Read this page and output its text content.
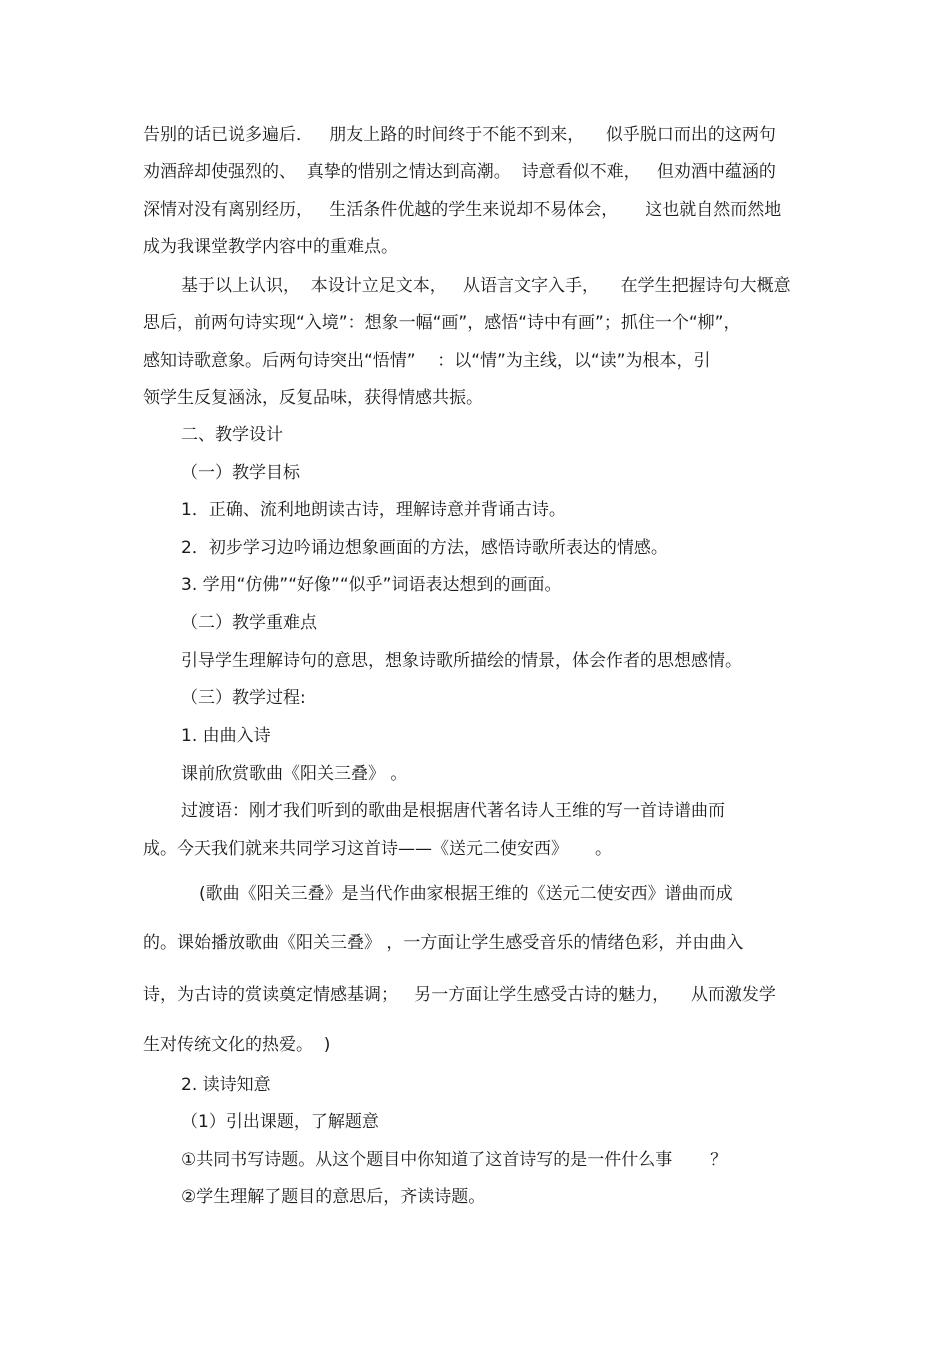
告别的话已说多遍后．   朋友上路的时间终于不能不到来，    似乎脱口而出的这两句
劝酒辞却使强烈的、  真挚的惜别之情达到高潮。  诗意看似不难，   但劝酒中蕴涵的
深情对没有离别经历，   生活条件优越的学生来说却不易体会，     这也就自然而然地
成为我课堂教学内容中的重难点。
基于以上认识，  本设计立足文本，   从语言文字入手，    在学生把握诗句大概意
思后，前两句诗实现“入境”：想象一幅“画”，感悟“诗中有画”；抓住一个“柳”，
感知诗歌意象。后两句诗突出“悟情”    ：以“情”为主线，以“读”为根本，引
领学生反复涵泳，反复品味，获得情感共振。
二、教学设计
（一）教学目标
1．正确、流利地朗读古诗，理解诗意并背诵古诗。
2．初步学习边吟诵边想象画面的方法，感悟诗歌所表达的情感。
3. 学用“仿佛”“好像”“似乎”词语表达想到的画面。
（二）教学重难点
引导学生理解诗句的意思，想象诗歌所描绘的情景，体会作者的思想感情。
（三）教学过程:
1. 由曲入诗
课前欣赏歌曲《阳关三叠》 。
过渡语：刚才我们听到的歌曲是根据唐代著名诗人王维的写一首诗谱曲而
成。今天我们就来共同学习这首诗——《送元二使安西》     。
(歌曲《阳关三叠》是当代作曲家根据王维的《送元二使安西》谱曲而成
的。课始播放歌曲《阳关三叠》 ，一方面让学生感受音乐的情绪色彩，并由曲入
诗，为古诗的赏读奠定情感基调；   另一方面让学生感受古诗的魅力，    从而激发学
生对传统文化的热爱。  )
2. 读诗知意
（1）引出课题，了解题意
①共同书写诗题。从这个题目中你知道了这首诗写的是一件什么事       ？
②学生理解了题目的意思后，齐读诗题。
